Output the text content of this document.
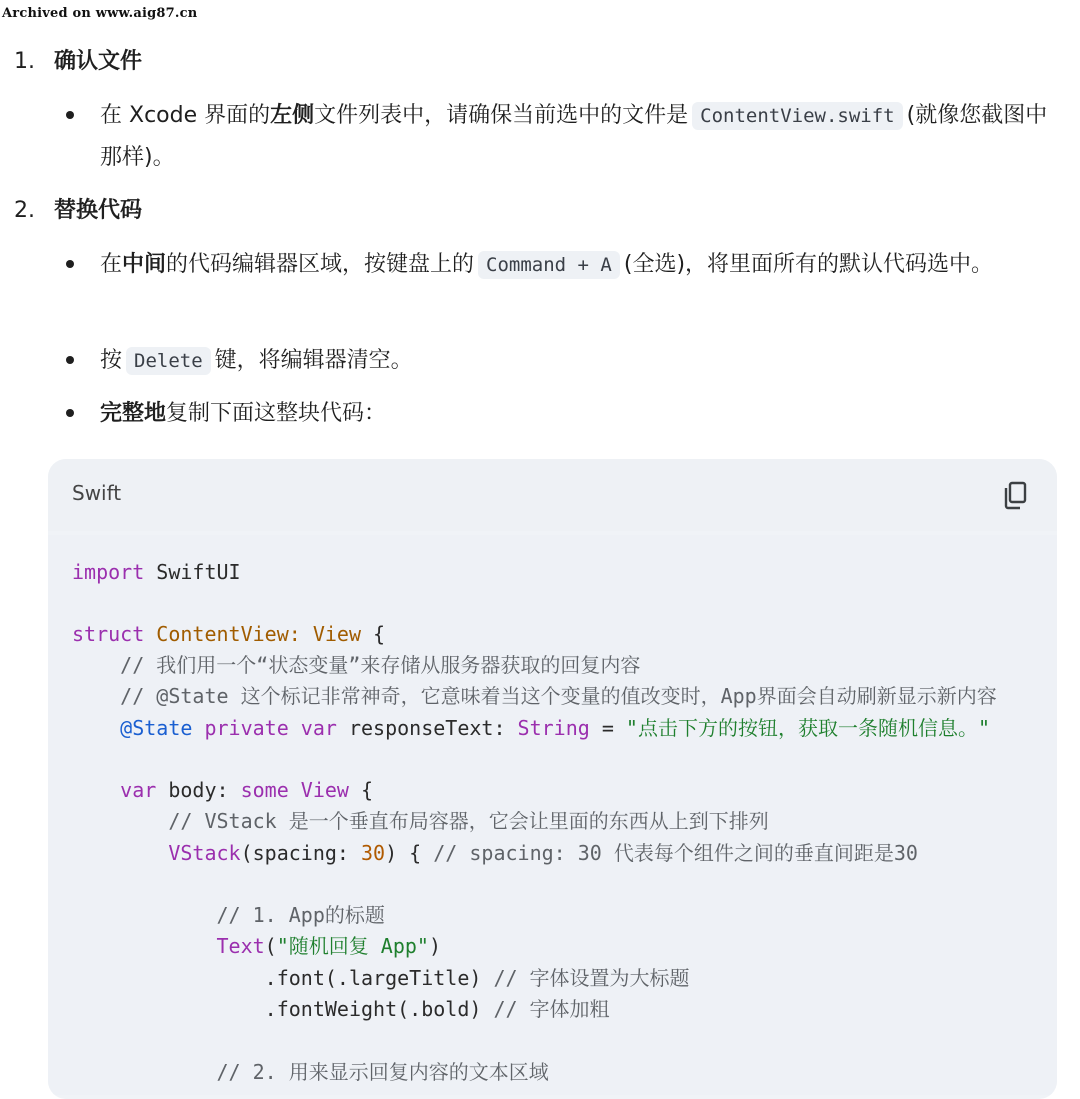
Archived on www.aig87.cn
1. 确认文件
在 Xcode 界面的左侧文件列表中，请确保当前选中的文件是 ContentView.swift (就像您截图中那样)。
2. 替换代码
在中间的代码编辑器区域，按键盘上的 Command + A (全选)，将里面所有的默认代码选中。
按 Delete 键，将编辑器清空。
完整地复制下面这整块代码：
Swift
import SwiftUI
struct ContentView: View {
// 我们用一个“状态变量”来存储从服务器获取的回复内容
// @State 这个标记非常神奇，它意味着当这个变量的值改变时，App界面会自动刷新显示新内容
@State private var responseText: String = "点击下方的按钮，获取一条随机信息。"
var body: some View {
// VStack 是一个垂直布局容器，它会让里面的东西从上到下排列
VStack(spacing: 30) { // spacing: 30 代表每个组件之间的垂直间距是30
// 1. App的标题
Text("随机回复 App")
.font(.largeTitle) // 字体设置为大标题
.fontWeight(.bold) // 字体加粗
// 2. 用来显示回复内容的文本区域
